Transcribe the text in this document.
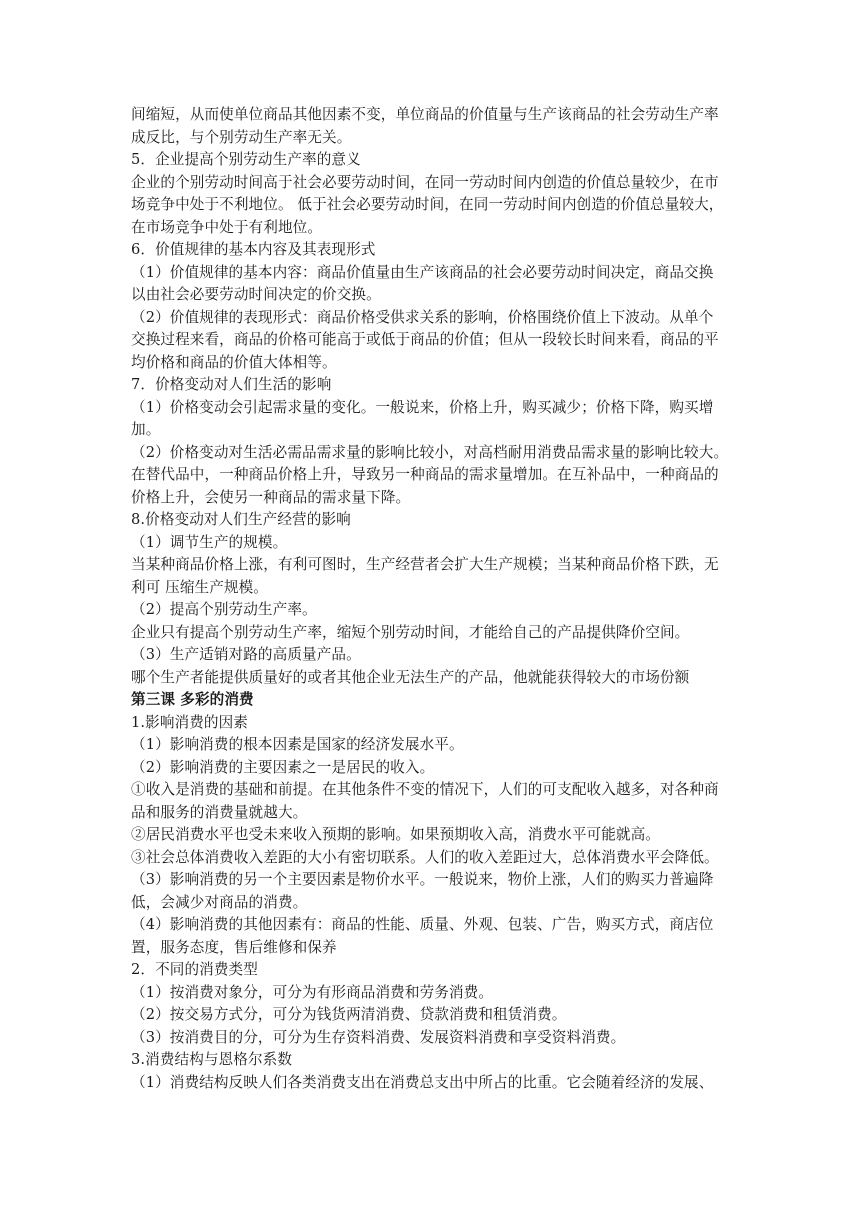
间缩短，从而使单位商品其他因素不变，单位商品的价值量与生产该商品的社会劳动生产率
成反比，与个别劳动生产率无关。
5．企业提高个别劳动生产率的意义
企业的个别劳动时间高于社会必要劳动时间，在同一劳动时间内创造的价值总量较少，在市
场竞争中处于不利地位。 低于社会必要劳动时间，在同一劳动时间内创造的价值总量较大，
在市场竞争中处于有利地位。
6．价值规律的基本内容及其表现形式
（1）价值规律的基本内容：商品价值量由生产该商品的社会必要劳动时间决定，商品交换
以由社会必要劳动时间决定的价交换。
（2）价值规律的表现形式：商品价格受供求关系的影响，价格围绕价值上下波动。从单个
交换过程来看，商品的价格可能高于或低于商品的价值；但从一段较长时间来看，商品的平
均价格和商品的价值大体相等。
7．价格变动对人们生活的影响
（1）价格变动会引起需求量的变化。一般说来，价格上升，购买减少；价格下降，购买增
加。
（2）价格变动对生活必需品需求量的影响比较小，对高档耐用消费品需求量的影响比较大。
在替代品中，一种商品价格上升，导致另一种商品的需求量增加。在互补品中，一种商品的
价格上升，会使另一种商品的需求量下降。
8.价格变动对人们生产经营的影响
（1）调节生产的规模。
当某种商品价格上涨，有利可图时，生产经营者会扩大生产规模；当某种商品价格下跌，无
利可 压缩生产规模。
（2）提高个别劳动生产率。
企业只有提高个别劳动生产率，缩短个别劳动时间，才能给自己的产品提供降价空间。
（3）生产适销对路的高质量产品。
哪个生产者能提供质量好的或者其他企业无法生产的产品，他就能获得较大的市场份额
第三课 多彩的消费
1.影响消费的因素
（1）影响消费的根本因素是国家的经济发展水平。
（2）影响消费的主要因素之一是居民的收入。
①收入是消费的基础和前提。在其他条件不变的情况下，人们的可支配收入越多，对各种商
品和服务的消费量就越大。
②居民消费水平也受未来收入预期的影响。如果预期收入高，消费水平可能就高。
③社会总体消费收入差距的大小有密切联系。人们的收入差距过大，总体消费水平会降低。
（3）影响消费的另一个主要因素是物价水平。一般说来，物价上涨，人们的购买力普遍降
低，会减少对商品的消费。
（4）影响消费的其他因素有：商品的性能、质量、外观、包装、广告，购买方式，商店位
置，服务态度，售后维修和保养
2．不同的消费类型
（1）按消费对象分，可分为有形商品消费和劳务消费。
（2）按交易方式分，可分为钱货两清消费、贷款消费和租赁消费。
（3）按消费目的分，可分为生存资料消费、发展资料消费和享受资料消费。
3.消费结构与恩格尔系数
（1）消费结构反映人们各类消费支出在消费总支出中所占的比重。它会随着经济的发展、
